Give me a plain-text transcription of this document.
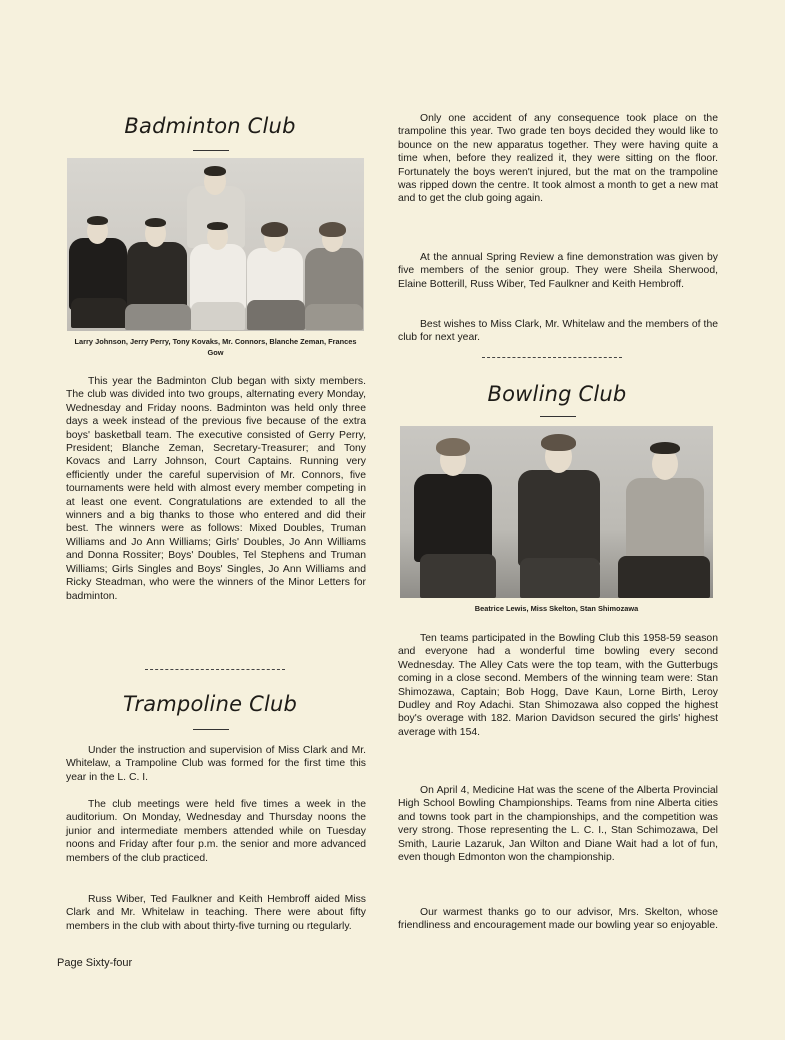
Badminton Club

Larry Johnson, Jerry Perry, Tony Kovaks, Mr. Connors, Blanche Zeman, Frances Gow

This year the Badminton Club began with sixty members. The club was divided into two groups, alternating every Monday, Wednesday and Friday noons. Badminton was held only three days a week instead of the previous five because of the extra boys' basketball team. The executive consisted of Gerry Perry, President; Blanche Zeman, Secretary-Treasurer; and Tony Kovacs and Larry Johnson, Court Captains. Running very efficiently under the careful supervision of Mr. Connors, five tournaments were held with almost every member competing in at least one event. Congratulations are extended to all the winners and a big thanks to those who entered and did their best. The winners were as follows: Mixed Doubles, Truman Williams and Jo Ann Williams; Girls' Doubles, Jo Ann Williams and Donna Rossiter; Boys' Doubles, Tel Stephens and Truman Williams; Girls Singles and Boys' Singles, Jo Ann Williams and Ricky Steadman, who were the winners of the Minor Letters for badminton.

Trampoline Club

Under the instruction and supervision of Miss Clark and Mr. Whitelaw, a Trampoline Club was formed for the first time this year in the L. C. I.

The club meetings were held five times a week in the auditorium. On Monday, Wednesday and Thursday noons the junior and intermediate members attended while on Tuesday noons and Friday after four p.m. the senior and more advanced members of the club practiced.

Russ Wiber, Ted Faulkner and Keith Hembroff aided Miss Clark and Mr. Whitelaw in teaching. There were about fifty members in the club with about thirty-five turning ou rtegularly.

Page Sixty-four

Only one accident of any consequence took place on the trampoline this year. Two grade ten boys decided they would like to bounce on the new apparatus together. They were having quite a time when, before they realized it, they were sitting on the floor. Fortunately the boys weren't injured, but the mat on the trampoline was ripped down the centre. It took almost a month to get a new mat and to get the club going again.

At the annual Spring Review a fine demonstration was given by five members of the senior group. They were Sheila Sherwood, Elaine Botterill, Russ Wiber, Ted Faulkner and Keith Hembroff.

Best wishes to Miss Clark, Mr. Whitelaw and the members of the club for next year.

Bowling Club

Beatrice Lewis, Miss Skelton, Stan Shimozawa

Ten teams participated in the Bowling Club this 1958-59 season and everyone had a wonderful time bowling every second Wednesday. The Alley Cats were the top team, with the Gutterbugs coming in a close second. Members of the winning team were: Stan Shimozawa, Captain; Bob Hogg, Dave Kaun, Lorne Birth, Leroy Dudley and Roy Adachi. Stan Shimozawa also copped the highest boy's overage with 182. Marion Davidson secured the girls' highest average with 154.

On April 4, Medicine Hat was the scene of the Alberta Provincial High School Bowling Championships. Teams from nine Alberta cities and towns took part in the championships, and the competition was very strong. Those representing the L. C. I., Stan Schimozawa, Del Smith, Laurie Lazaruk, Jan Wilton and Diane Wait had a lot of fun, even though Edmonton won the championship.

Our warmest thanks go to our advisor, Mrs. Skelton, whose friendliness and encouragement made our bowling year so enjoyable.
